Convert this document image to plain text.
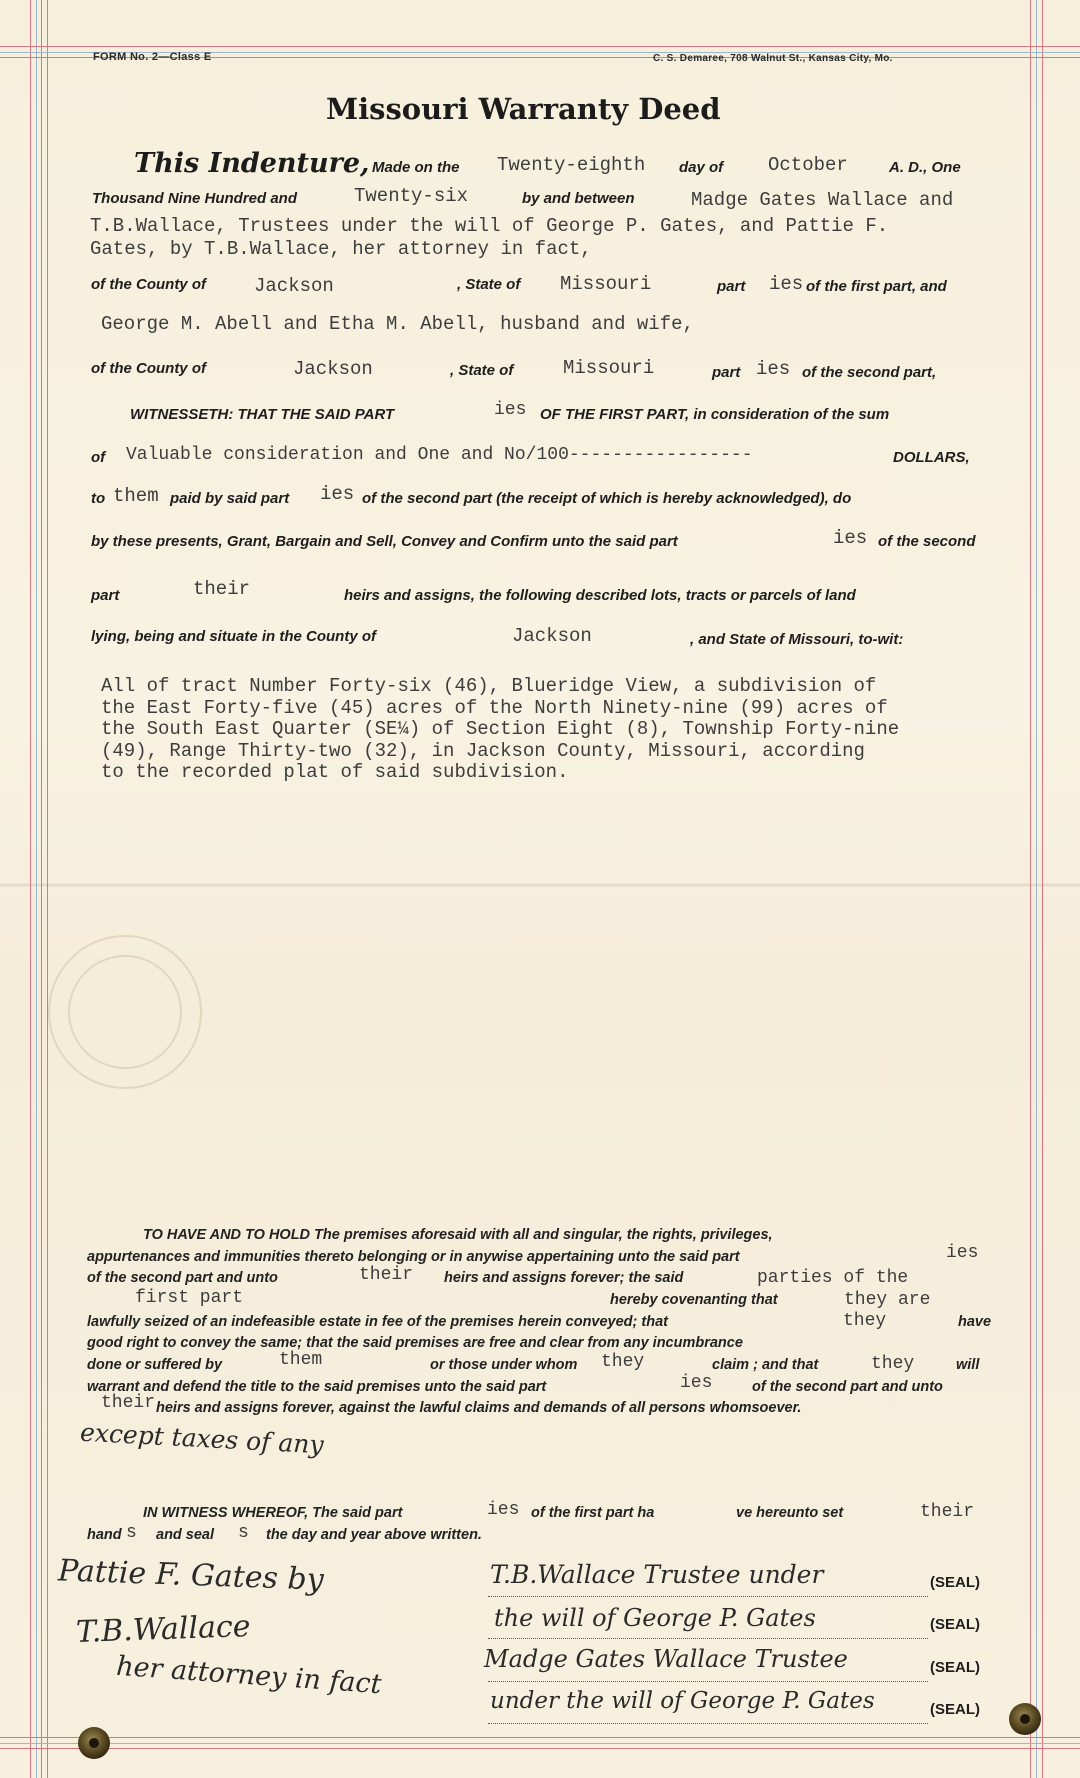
FORM No. 2—Class E	C. S. Demaree, 708 Walnut St., Kansas City, Mo.
Missouri Warranty Deed
This Indenture, Made on the Twenty-eighth day of October	A. D., One
Thousand Nine Hundred and	Twenty-six	by and between	Madge Gates Wallace and
T.B.Wallace, Trustees under the will of George P. Gates, and Pattie F.
Gates, by T.B.Wallace, her attorney in fact,
of the County of	Jackson	, State of Missouri	part ies of the first part, and
George M. Abell and Etha M. Abell, husband and wife,
of the County of	Jackson	, State of	Missouri	part ies of the second part,
WITNESSETH: THAT THE SAID PART	ies OF THE FIRST PART, in consideration of the sum
of Valuable consideration and One and No/100-----------------	DOLLARS,
to them paid by said part ies of the second part (the receipt of which is hereby acknowledged), do
by these presents, Grant, Bargain and Sell, Convey and Confirm unto the said part	ies of the second
part	their	heirs and assigns, the following described lots, tracts or parcels of land
lying, being and situate in the County of	Jackson	, and State of Missouri, to-wit:
All of tract Number Forty-six (46), Blueridge View, a subdivision of
the East Forty-five (45) acres of the North Ninety-nine (99) acres of
the South East Quarter (SE¼) of Section Eight (8), Township Forty-nine
(49), Range Thirty-two (32), in Jackson County, Missouri, according
to the recorded plat of said subdivision.
TO HAVE AND TO HOLD The premises aforesaid with all and singular, the rights, privileges,
appurtenances and immunities thereto belonging or in anywise appertaining unto the said part	ies
of the second part and unto	their heirs and assigns forever; the said	parties of the
first part	hereby covenanting that	they are
lawfully seized of an indefeasible estate in fee of the premises herein conveyed; that	they	have
good right to convey the same; that the said premises are free and clear from any incumbrance
done or suffered by	them	or those under whom they	claim ; and that	they	will
warrant and defend the title to the said premises unto the said part	ies	of the second part and unto
their heirs and assigns forever, against the lawful claims and demands of all persons whomsoever.
except taxes of any
IN WITNESS WHEREOF, The said part	ies of the first part ha	ve hereunto set	their
hand s and seal s the day and year above written.
Pattie F. Gates by
T.B.Wallace
her attorney in fact
T.B.Wallace Trustee under
the will of George P. Gates
Madge Gates Wallace Trustee
under the will of George P. Gates
(SEAL)
(SEAL)
(SEAL)
(SEAL)
